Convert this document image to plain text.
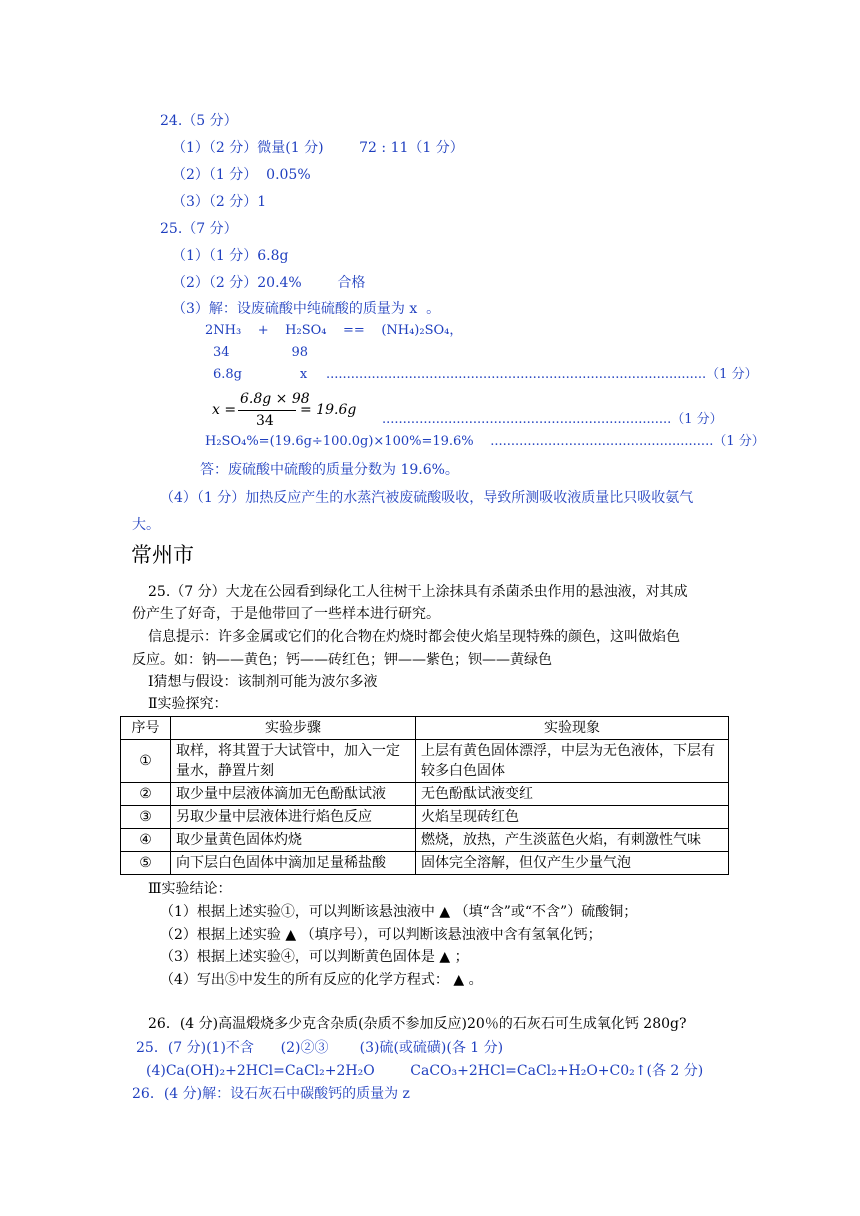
24.（5 分）
（1）（2 分）微量(1 分)        72 : 11（1 分）
（2）（1 分）  0.05%
（3）（2 分）1
25.（7 分）
（1）（1 分）6.8g
（2）（2 分）20.4%        合格
（3）解：设废硫酸中纯硫酸的质量为 x  。
2NH₃    +    H₂SO₄    ==    (NH₄)₂SO₄，
34               98
6.8g              x ............................................................................................（1 分）
x =
6.8g × 98
34
= 19.6g
......................................................................（1 分）
H₂SO₄%=(19.6g÷100.0g)×100%=19.6%    ......................................................（1 分）
答：废硫酸中硫酸的质量分数为 19.6%。
（4）（1 分）加热反应产生的水蒸汽被废硫酸吸收，导致所测吸收液质量比只吸收氨气
大。
常州市
25.（7 分）大龙在公园看到绿化工人往树干上涂抹具有杀菌杀虫作用的悬浊液，对其成
份产生了好奇，于是他带回了一些样本进行研究。
信息提示：许多金属或它们的化合物在灼烧时都会使火焰呈现特殊的颜色，这叫做焰色
反应。如：钠——黄色；钙——砖红色；钾——紫色；钡——黄绿色
Ⅰ猜想与假设：该制剂可能为波尔多液
Ⅱ实验探究：
序号	实验步骤	实验现象
①	取样，将其置于大试管中，加入一定量水，静置片刻	上层有黄色固体漂浮，中层为无色液体，下层有较多白色固体
②	取少量中层液体滴加无色酚酞试液	无色酚酞试液变红
③	另取少量中层液体进行焰色反应	火焰呈现砖红色
④	取少量黄色固体灼烧	燃烧，放热，产生淡蓝色火焰，有刺激性气味
⑤	向下层白色固体中滴加足量稀盐酸	固体完全溶解，但仅产生少量气泡
Ⅲ实验结论：
（1）根据上述实验①，可以判断该悬浊液中 ▲ （填“含”或“不含”）硫酸铜；
（2）根据上述实验 ▲ （填序号），可以判断该悬浊液中含有氢氧化钙；
（3）根据上述实验④，可以判断黄色固体是 ▲ ；
（4）写出⑤中发生的所有反应的化学方程式： ▲ 。
26．(4 分)高温煅烧多少克含杂质(杂质不参加反应)20％的石灰石可生成氧化钙 280g?
25．(7 分)(1)不含      (2)②③       (3)硫(或硫磺)(各 1 分)
(4)Ca(OH)₂+2HCl=CaCl₂+2H₂O        CaCO₃+2HCl=CaCl₂+H₂O+C0₂↑(各 2 分)
26．(4 分)解：设石灰石中碳酸钙的质量为 z
